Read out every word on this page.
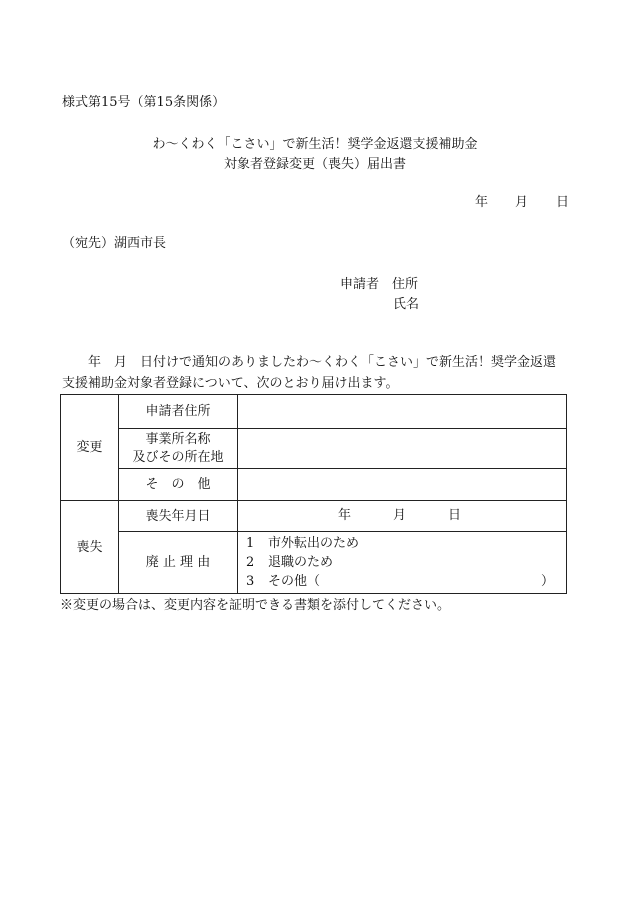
様式第15号（第15条関係）
わ～くわく「こさい」で新生活！奨学金返還支援補助金
対象者登録変更（喪失）届出書
年 月 日
（宛先）湖西市長
申請者　住所
氏名
　　年　月　日付けで通知のありましたわ～くわく「こさい」で新生活！奨学金返還
支援補助金対象者登録について、次のとおり届け出ます。
変更	申請者住所	

	事業所名称
及びその所在地	

	そ　の　他	
喪失	喪失年月日	年 月 日

	廃 止 理 由	1 市外転出のため
2 退職のため
3 その他（ ）
※変更の場合は、変更内容を証明できる書類を添付してください。
